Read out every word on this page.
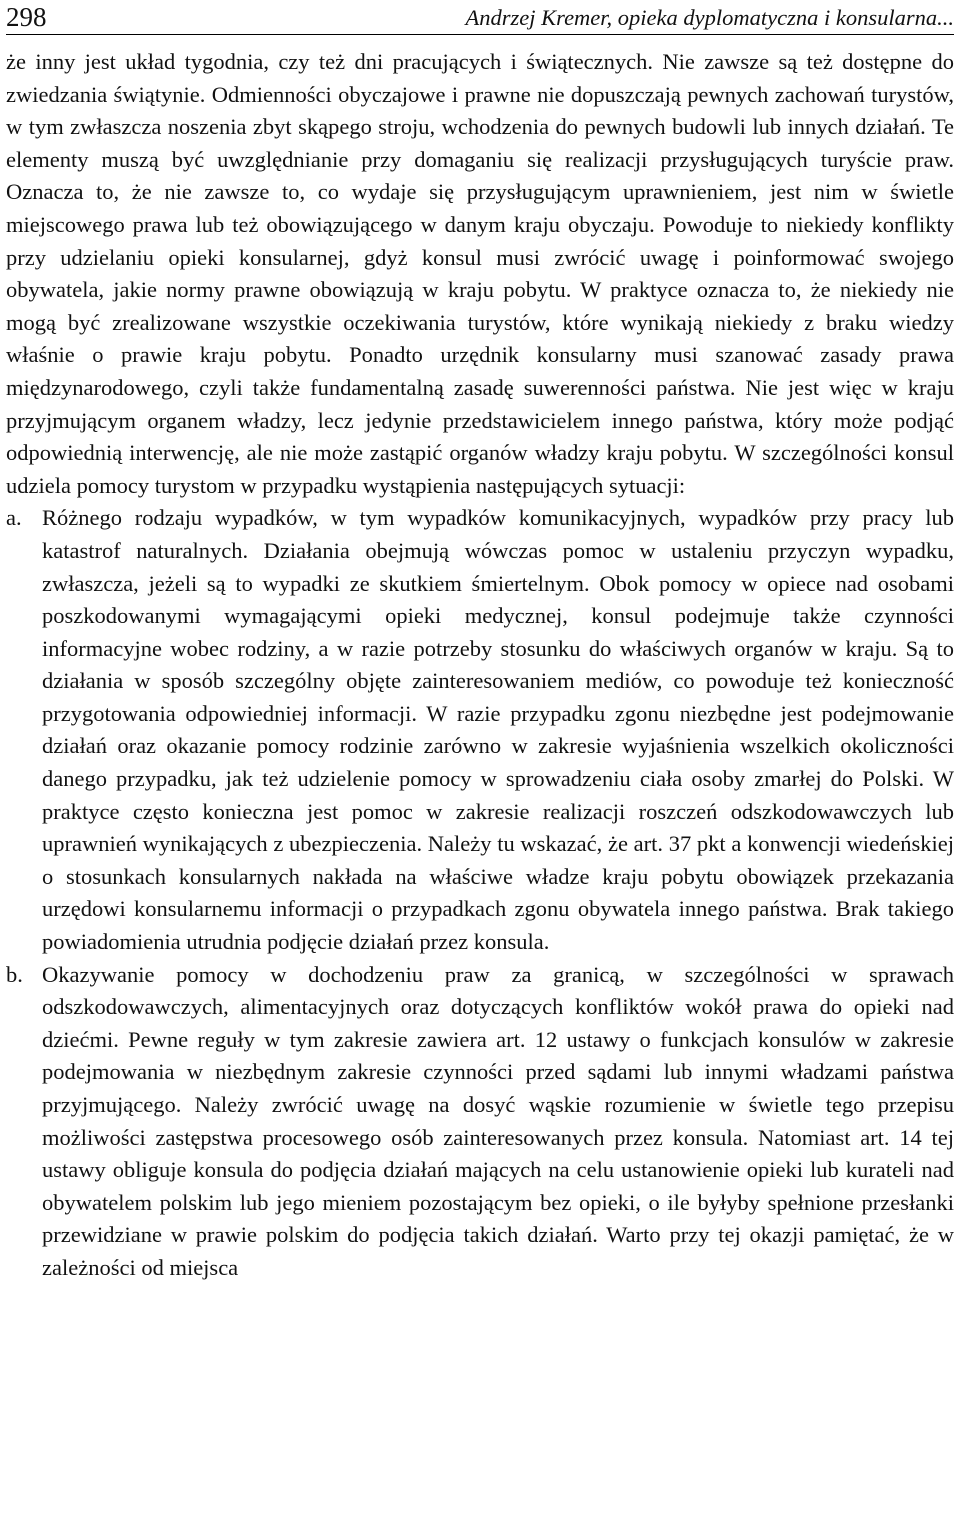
298	Andrzej Kremer, opieka dyplomatyczna i konsularna...

że inny jest układ tygodnia, czy też dni pracujących i świątecznych. Nie zawsze są też dostępne do zwiedzania świątynie. Odmienności obyczajowe i prawne nie dopuszczają pewnych zachowań turystów, w tym zwłaszcza noszenia zbyt skąpego stroju, wchodzenia do pewnych budowli lub innych działań. Te elementy muszą być uwzględnianie przy domaganiu się realizacji przysługujących turyście praw. Oznacza to, że nie zawsze to, co wydaje się przysługującym uprawnieniem, jest nim w świetle miejscowego prawa lub też obowiązującego w danym kraju obyczaju. Powoduje to niekiedy konflikty przy udzielaniu opieki konsularnej, gdyż konsul musi zwrócić uwagę i poinformować swojego obywatela, jakie normy prawne obowiązują w kraju pobytu. W praktyce oznacza to, że niekiedy nie mogą być zrealizowane wszystkie oczekiwania turystów, które wynikają niekiedy z braku wiedzy właśnie o prawie kraju pobytu. Ponadto urzędnik konsularny musi szanować zasady prawa międzynarodowego, czyli także fundamentalną zasadę suwerenności państwa. Nie jest więc w kraju przyjmującym organem władzy, lecz jedynie przedstawicielem innego państwa, który może podjąć odpowiednią interwencję, ale nie może zastąpić organów władzy kraju pobytu. W szczególności konsul udziela pomocy turystom w przypadku wystąpienia następujących sytuacji:

a. Różnego rodzaju wypadków, w tym wypadków komunikacyjnych, wypadków przy pracy lub katastrof naturalnych. Działania obejmują wówczas pomoc w ustaleniu przyczyn wypadku, zwłaszcza, jeżeli są to wypadki ze skutkiem śmiertelnym. Obok pomocy w opiece nad osobami poszkodowanymi wymagającymi opieki medycznej, konsul podejmuje także czynności informacyjne wobec rodziny, a w razie potrzeby stosunku do właściwych organów w kraju. Są to działania w sposób szczególny objęte zainteresowaniem mediów, co powoduje też konieczność przygotowania odpowiedniej informacji. W razie przypadku zgonu niezbędne jest podejmowanie działań oraz okazanie pomocy rodzinie zarówno w zakresie wyjaśnienia wszelkich okoliczności danego przypadku, jak też udzielenie pomocy w sprowadzeniu ciała osoby zmarłej do Polski. W praktyce często konieczna jest pomoc w zakresie realizacji roszczeń odszkodowawczych lub uprawnień wynikających z ubezpieczenia. Należy tu wskazać, że art. 37 pkt a konwencji wiedeńskiej o stosunkach konsularnych nakłada na właściwe władze kraju pobytu obowiązek przekazania urzędowi konsularnemu informacji o przypadkach zgonu obywatela innego państwa. Brak takiego powiadomienia utrudnia podjęcie działań przez konsula.

b. Okazywanie pomocy w dochodzeniu praw za granicą, w szczególności w sprawach odszkodowawczych, alimentacyjnych oraz dotyczących konfliktów wokół prawa do opieki nad dziećmi. Pewne reguły w tym zakresie zawiera art. 12 ustawy o funkcjach konsulów w zakresie podejmowania w niezbędnym zakresie czynności przed sądami lub innymi władzami państwa przyjmującego. Należy zwrócić uwagę na dosyć wąskie rozumienie w świetle tego przepisu możliwości zastępstwa procesowego osób zainteresowanych przez konsula. Natomiast art. 14 tej ustawy obliguje konsula do podjęcia działań mających na celu ustanowienie opieki lub kurateli nad obywatelem polskim lub jego mieniem pozostającym bez opieki, o ile byłyby spełnione przesłanki przewidziane w prawie polskim do podjęcia takich działań. Warto przy tej okazji pamiętać, że w zależności od miejsca
